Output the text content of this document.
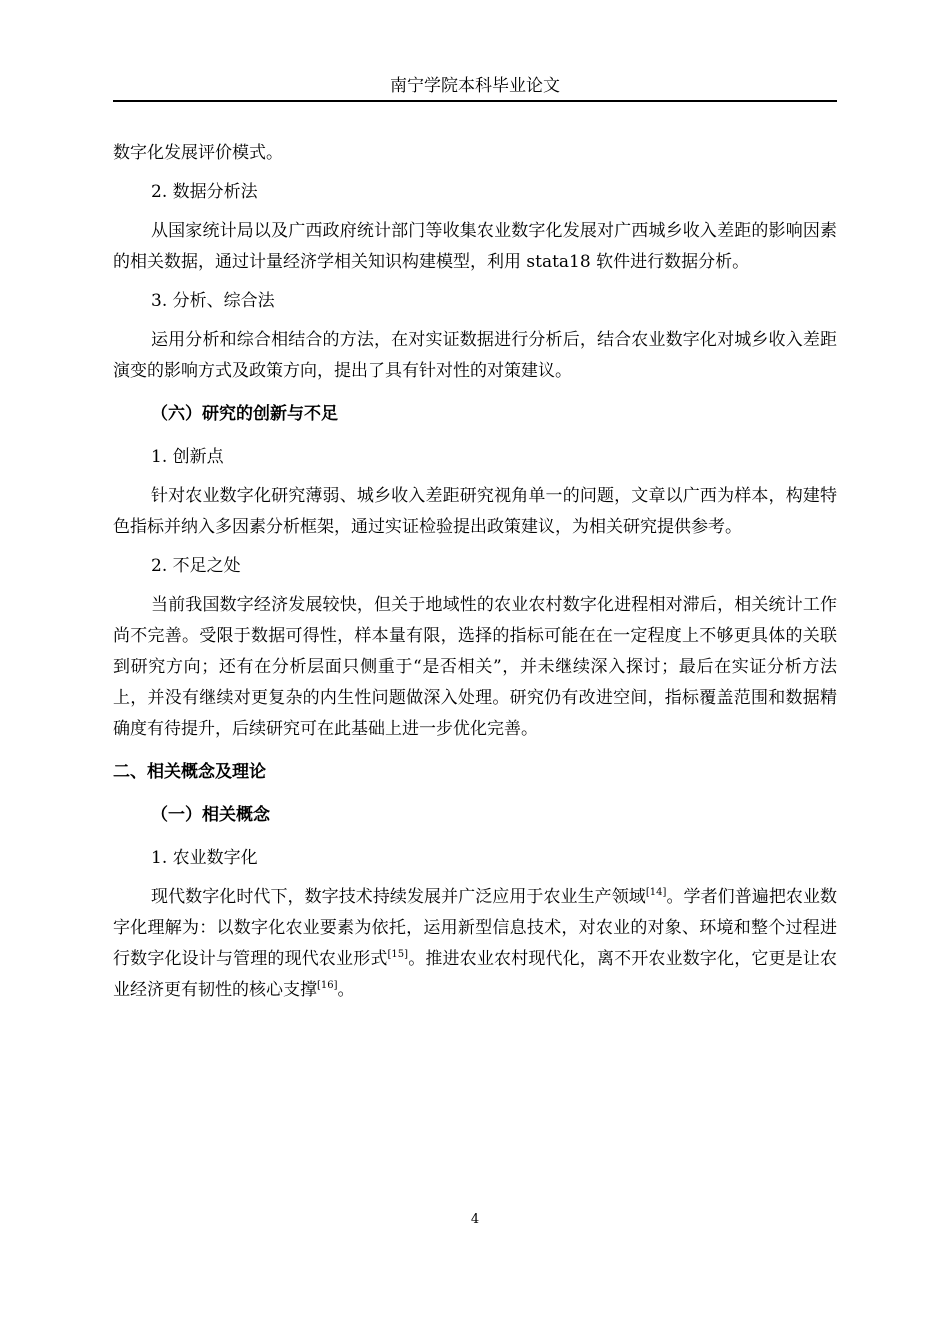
南宁学院本科毕业论文

数字化发展评价模式。

2. 数据分析法

从国家统计局以及广西政府统计部门等收集农业数字化发展对广西城乡收入差距的影响因素的相关数据，通过计量经济学相关知识构建模型，利用 stata18 软件进行数据分析。

3. 分析、综合法

运用分析和综合相结合的方法，在对实证数据进行分析后，结合农业数字化对城乡收入差距演变的影响方式及政策方向，提出了具有针对性的对策建议。

（六）研究的创新与不足

1. 创新点

针对农业数字化研究薄弱、城乡收入差距研究视角单一的问题，文章以广西为样本，构建特色指标并纳入多因素分析框架，通过实证检验提出政策建议，为相关研究提供参考。

2. 不足之处

当前我国数字经济发展较快，但关于地域性的农业农村数字化进程相对滞后，相关统计工作尚不完善。受限于数据可得性，样本量有限，选择的指标可能在在一定程度上不够更具体的关联到研究方向；还有在分析层面只侧重于“是否相关”，并未继续深入探讨；最后在实证分析方法上，并没有继续对更复杂的内生性问题做深入处理。研究仍有改进空间，指标覆盖范围和数据精确度有待提升，后续研究可在此基础上进一步优化完善。

二、相关概念及理论

（一）相关概念

1. 农业数字化

现代数字化时代下，数字技术持续发展并广泛应用于农业生产领域[14]。学者们普遍把农业数字化理解为：以数字化农业要素为依托，运用新型信息技术，对农业的对象、环境和整个过程进行数字化设计与管理的现代农业形式[15]。推进农业农村现代化，离不开农业数字化，它更是让农业经济更有韧性的核心支撑[16]。

4
